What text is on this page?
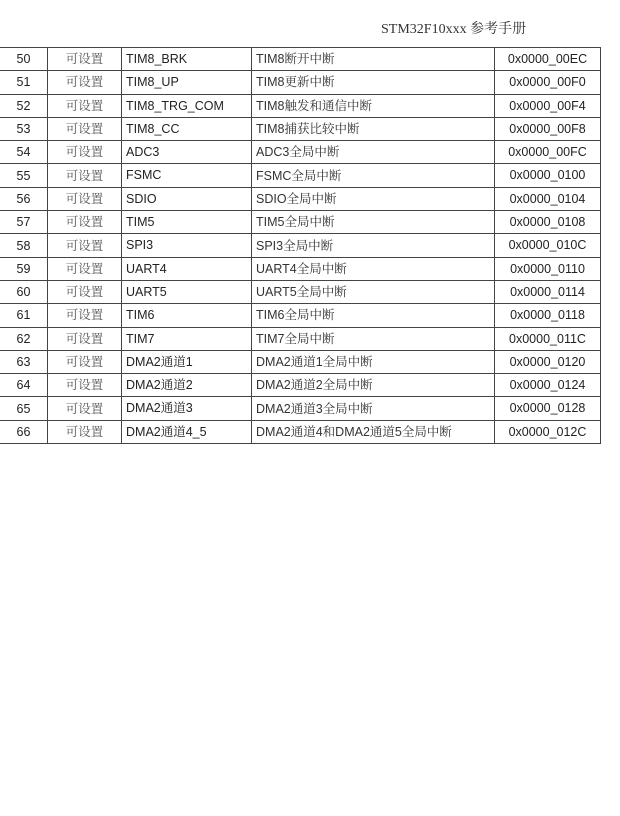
STM32F10xxx 参考手册
50	可设置	TIM8_BRK	TIM8断开中断	0x0000_00EC
51	可设置	TIM8_UP	TIM8更新中断	0x0000_00F0
52	可设置	TIM8_TRG_COM	TIM8触发和通信中断	0x0000_00F4
53	可设置	TIM8_CC	TIM8捕获比较中断	0x0000_00F8
54	可设置	ADC3	ADC3全局中断	0x0000_00FC
55	可设置	FSMC	FSMC全局中断	0x0000_0100
56	可设置	SDIO	SDIO全局中断	0x0000_0104
57	可设置	TIM5	TIM5全局中断	0x0000_0108
58	可设置	SPI3	SPI3全局中断	0x0000_010C
59	可设置	UART4	UART4全局中断	0x0000_0110
60	可设置	UART5	UART5全局中断	0x0000_0114
61	可设置	TIM6	TIM6全局中断	0x0000_0118
62	可设置	TIM7	TIM7全局中断	0x0000_011C
63	可设置	DMA2通道1	DMA2通道1全局中断	0x0000_0120
64	可设置	DMA2通道2	DMA2通道2全局中断	0x0000_0124
65	可设置	DMA2通道3	DMA2通道3全局中断	0x0000_0128
66	可设置	DMA2通道4_5	DMA2通道4和DMA2通道5全局中断	0x0000_012C
